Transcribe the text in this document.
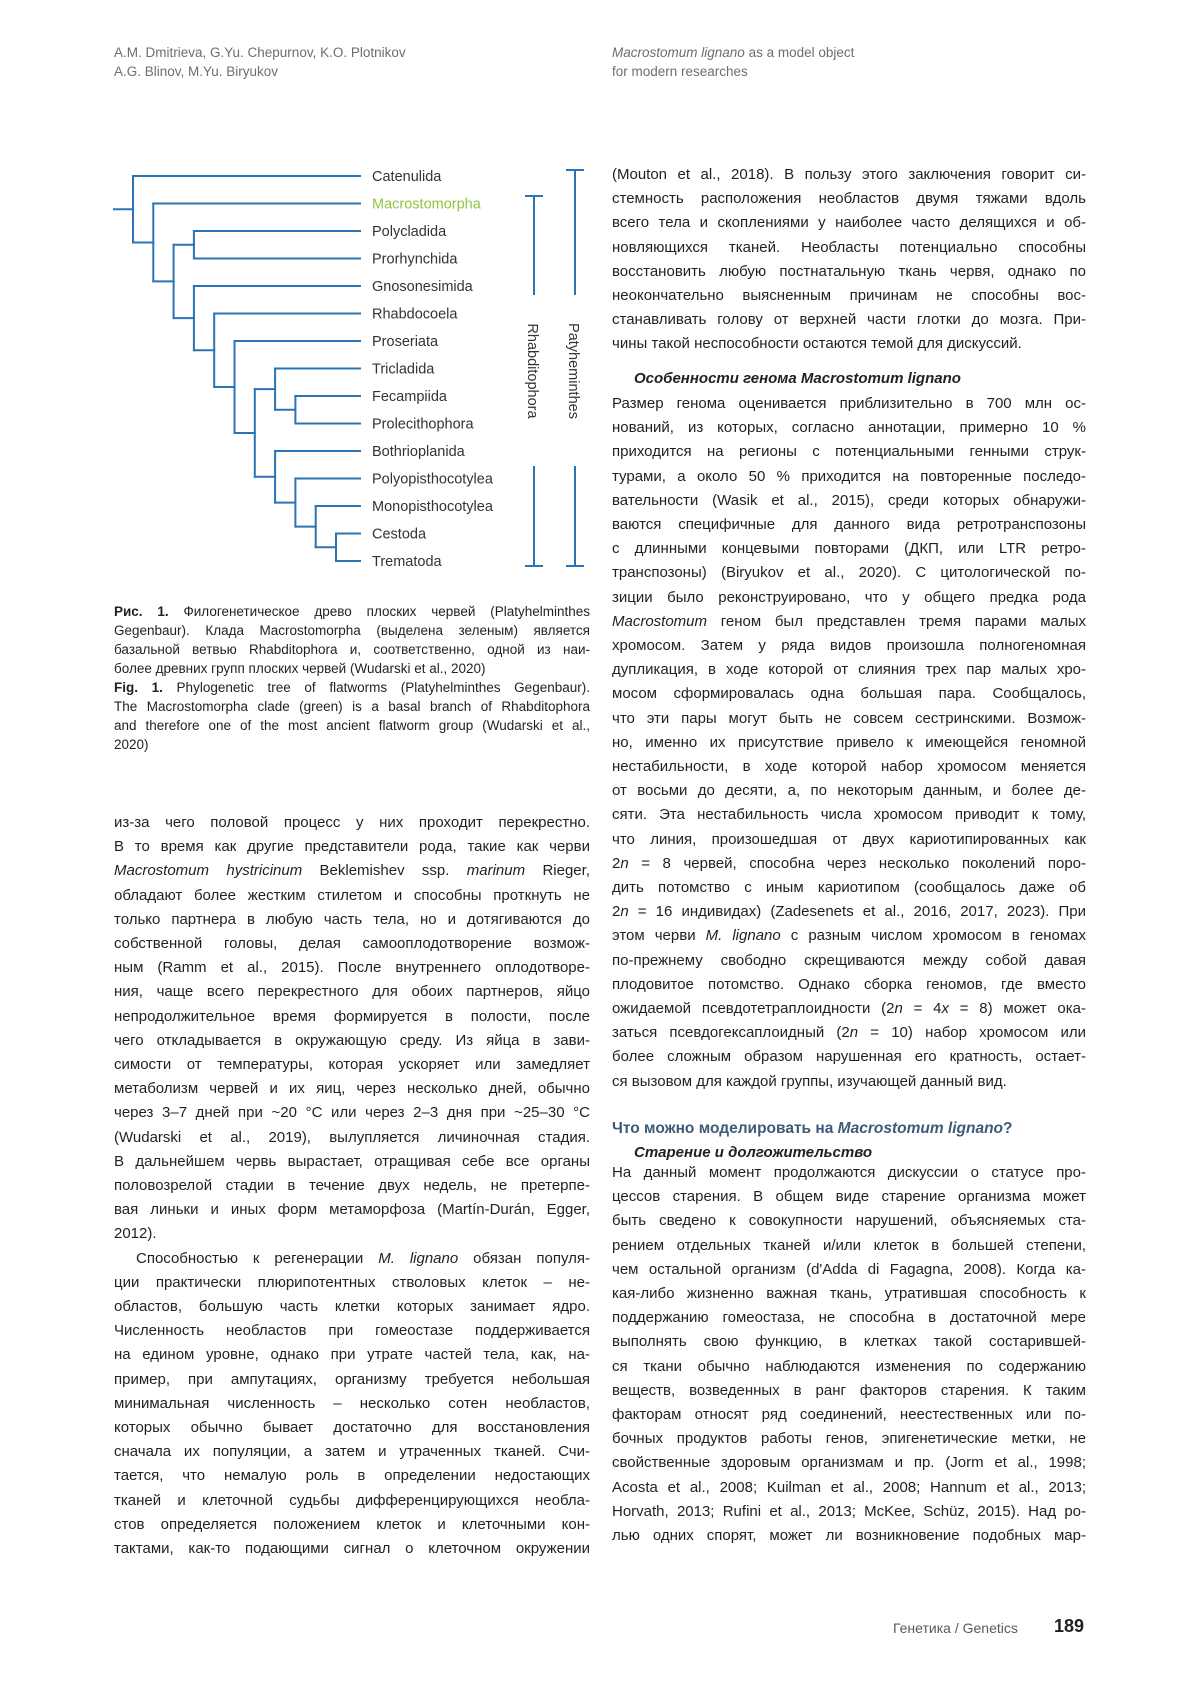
A.M. Dmitrieva, G.Yu. Chepurnov, K.O. Plotnikov
A.G. Blinov, M.Yu. Biryukov
Macrostomum lignano as a model object
for modern researches
Catenulida
Macrostomorpha
Polycladida
Prorhynchida
Gnosonesimida
Rhabdocoela
Proseriata
Tricladida
Fecampiida
Prolecithophora
Bothrioplanida
Polyopisthocotylea
Monopisthocotylea
Cestoda
Trematoda
Rhabditophora Patyheminthes
Рис. 1. Филогенетическое древо плоских червей (Platyhelminthes
Gegenbaur). Клада Macrostomorpha (выделена зеленым) является
базальной ветвью Rhabditophora и, соответственно, одной из наи-
более древних групп плоских червей (Wudarski et al., 2020)
Fig. 1. Phylogenetic tree of flatworms (Platyhelminthes Gegenbaur).
The Macrostomorpha clade (green) is a basal branch of Rhabditophora
and therefore one of the most ancient flatworm group (Wudarski et al.,
2020)
из-за чего половой процесс у них проходит перекрестно.
В то время как другие представители рода, такие как черви
Macrostomum hystricinum Beklemishev ssp. marinum Rieger,
обладают более жестким стилетом и способны проткнуть не
только партнера в любую часть тела, но и дотягиваются до
собственной головы, делая самооплодотворение возмож-
ным (Ramm et al., 2015). После внутреннего оплодотворе-
ния, чаще всего перекрестного для обоих партнеров, яйцо
непродолжительное время формируется в полости, после
чего откладывается в окружающую среду. Из яйца в зави-
симости от температуры, которая ускоряет или замедляет
метаболизм червей и их яиц, через несколько дней, обычно
через 3–7 дней при ~20 °С или через 2–3 дня при ~25–30 °С
(Wudarski et al., 2019), вылупляется личиночная стадия.
В дальнейшем червь вырастает, отращивая себе все органы
половозрелой стадии в течение двух недель, не претерпе-
вая линьки и иных форм метаморфоза (Martín-Durán, Egger,
2012).
Способностью к регенерации M. lignano обязан популя-
ции практически плюрипотентных стволовых клеток – не-
областов, большую часть клетки которых занимает ядро.
Численность необластов при гомеостазе поддерживается
на едином уровне, однако при утрате частей тела, как, на-
пример, при ампутациях, организму требуется небольшая
минимальная численность – несколько сотен необластов,
которых обычно бывает достаточно для восстановления
сначала их популяции, а затем и утраченных тканей. Счи-
тается, что немалую роль в определении недостающих
тканей и клеточной судьбы дифференцирующихся необла-
стов определяется положением клеток и клеточными кон-
тактами, как-то подающими сигнал о клеточном окружении
(Mouton et al., 2018). В пользу этого заключения говорит си-
стемность расположения необластов двумя тяжами вдоль
всего тела и скоплениями у наиболее часто делящихся и об-
новляющихся тканей. Необласты потенциально способны
восстановить любую постнатальную ткань червя, однако по
неокончательно выясненным причинам не способны вос-
станавливать голову от верхней части глотки до мозга. При-
чины такой неспособности остаются темой для дискуссий.
Особенности генома Macrostomum lignano
Размер генома оценивается приблизительно в 700 млн ос-
нований, из которых, согласно аннотации, примерно 10 %
приходится на регионы с потенциальными генными струк-
турами, а около 50 % приходится на повторенные последо-
вательности (Wasik et al., 2015), среди которых обнаружи-
ваются специфичные для данного вида ретротранспозоны
с длинными концевыми повторами (ДКП, или LTR ретро-
транспозоны) (Biryukov et al., 2020). С цитологической по-
зиции было реконструировано, что у общего предка рода
Macrostomum геном был представлен тремя парами малых
хромосом. Затем у ряда видов произошла полногеномная
дупликация, в ходе которой от слияния трех пар малых хро-
мосом сформировалась одна большая пара. Сообщалось,
что эти пары могут быть не совсем сестринскими. Возмож-
но, именно их присутствие привело к имеющейся геномной
нестабильности, в ходе которой набор хромосом меняется
от восьми до десяти, а, по некоторым данным, и более де-
сяти. Эта нестабильность числа хромосом приводит к тому,
что линия, произошедшая от двух кариотипированных как
2n = 8 червей, способна через несколько поколений поро-
дить потомство с иным кариотипом (сообщалось даже об
2n = 16 индивидах) (Zadesenets et al., 2016, 2017, 2023). При
этом черви M. lignano с разным числом хромосом в геномах
по-прежнему свободно скрещиваются между собой давая
плодовитое потомство. Однако сборка геномов, где вместо
ожидаемой псевдотетраплоидности (2n = 4x = 8) может ока-
заться псевдогексаплоидный (2n = 10) набор хромосом или
более сложным образом нарушенная его кратность, остает-
ся вызовом для каждой группы, изучающей данный вид.
Что можно моделировать на Macrostomum lignano?
Старение и долгожительство
На данный момент продолжаются дискуссии о статусе про-
цессов старения. В общем виде старение организма может
быть сведено к совокупности нарушений, объясняемых ста-
рением отдельных тканей и/или клеток в большей степени,
чем остальной организм (d'Adda di Fagagna, 2008). Когда ка-
кая-либо жизненно важная ткань, утратившая способность к
поддержанию гомеостаза, не способна в достаточной мере
выполнять свою функцию, в клетках такой состарившей-
ся ткани обычно наблюдаются изменения по содержанию
веществ, возведенных в ранг факторов старения. К таким
факторам относят ряд соединений, неестественных или по-
бочных продуктов работы генов, эпигенетические метки, не
свойственные здоровым организмам и пр. (Jorm et al., 1998;
Acosta et al., 2008; Kuilman et al., 2008; Hannum et al., 2013;
Horvath, 2013; Rufini et al., 2013; McKee, Schüz, 2015). Над ро-
лью одних спорят, может ли возникновение подобных мар-
Генетика / Genetics 189
